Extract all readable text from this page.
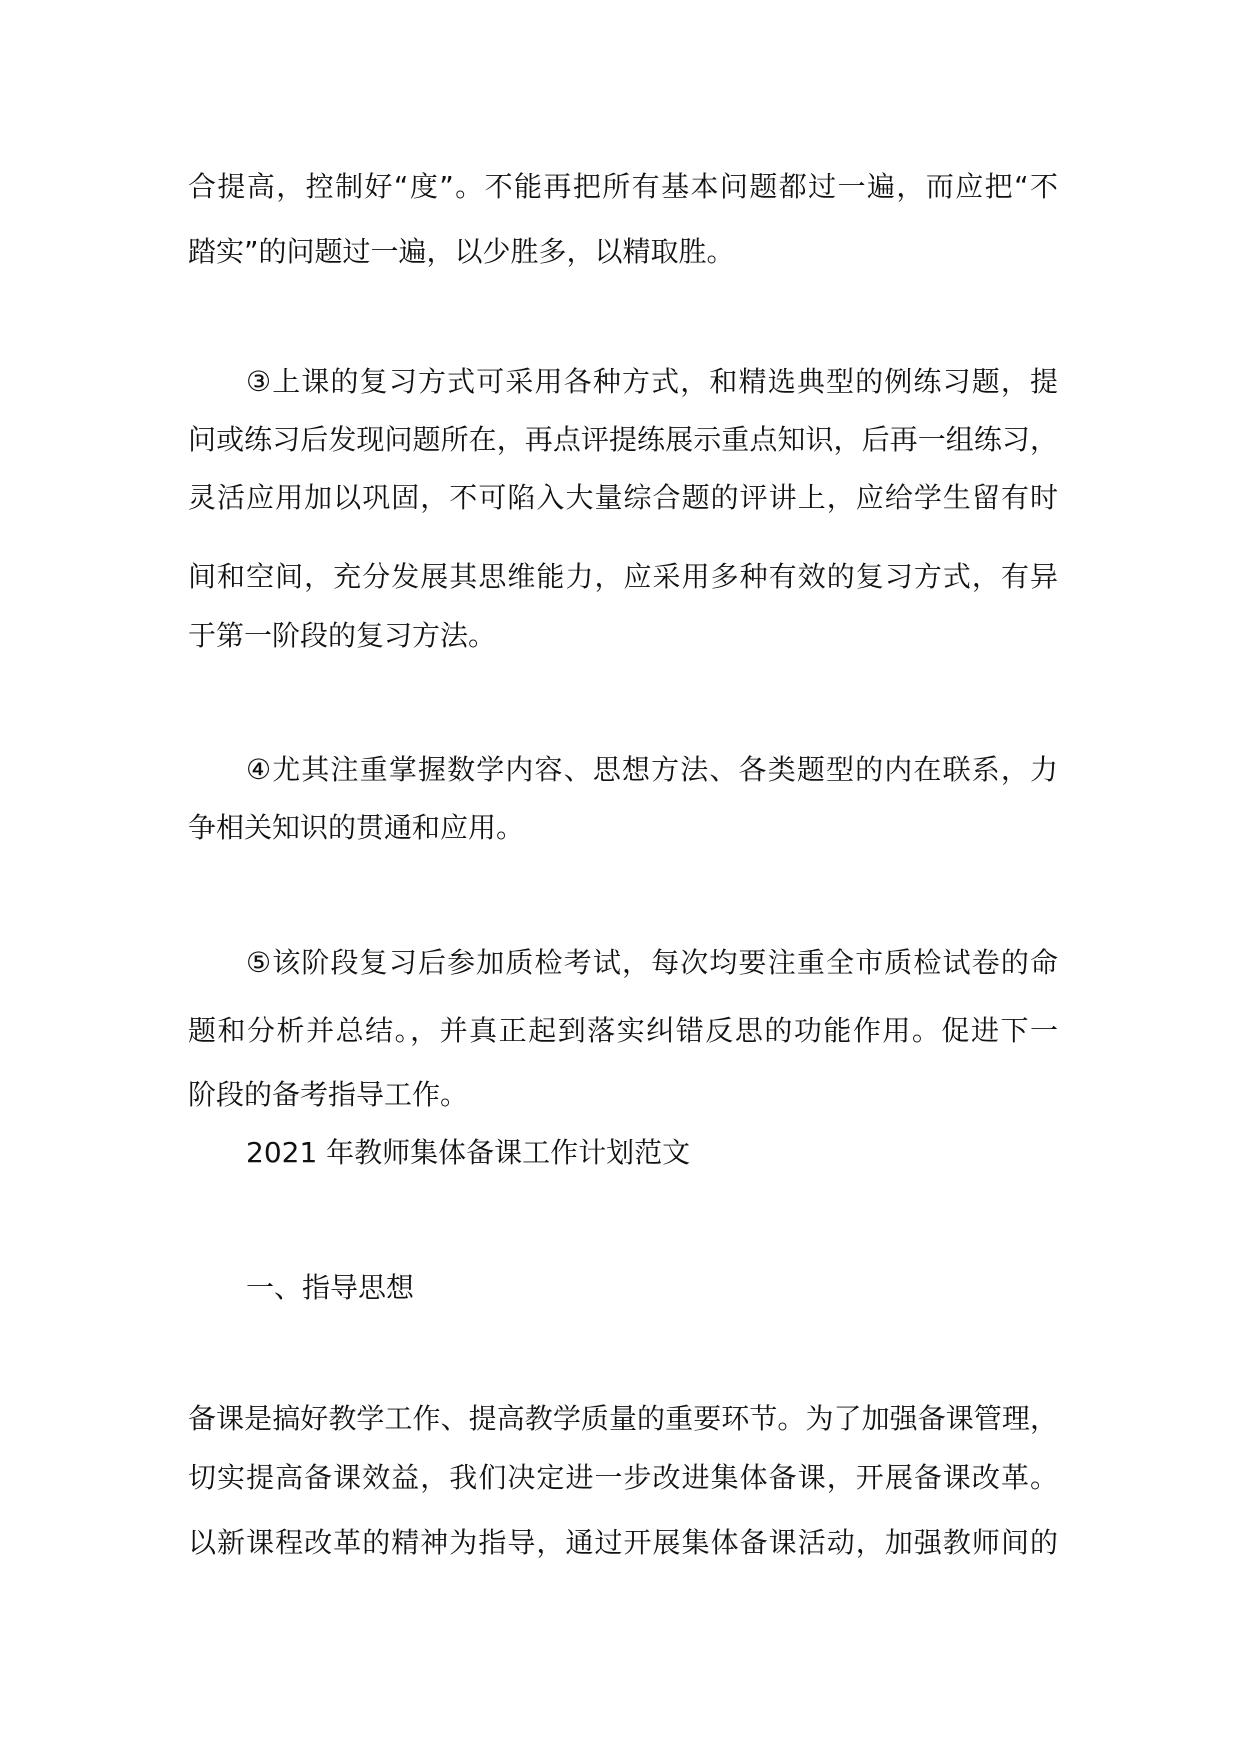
合提高，控制好“度”。不能再把所有基本问题都过一遍，而应把“不
踏实”的问题过一遍，以少胜多，以精取胜。
③上课的复习方式可采用各种方式，和精选典型的例练习题，提
问或练习后发现问题所在，再点评提练展示重点知识，后再一组练习，
灵活应用加以巩固，不可陷入大量综合题的评讲上，应给学生留有时
间和空间，充分发展其思维能力，应采用多种有效的复习方式，有异
于第一阶段的复习方法。
④尤其注重掌握数学内容、思想方法、各类题型的内在联系，力
争相关知识的贯通和应用。
⑤该阶段复习后参加质检考试，每次均要注重全市质检试卷的命
题和分析并总结。，并真正起到落实纠错反思的功能作用。促进下一
阶段的备考指导工作。
2021 年教师集体备课工作计划范文
一、指导思想
备课是搞好教学工作、提高教学质量的重要环节。为了加强备课管理，
切实提高备课效益，我们决定进一步改进集体备课，开展备课改革。
以新课程改革的精神为指导，通过开展集体备课活动，加强教师间的
